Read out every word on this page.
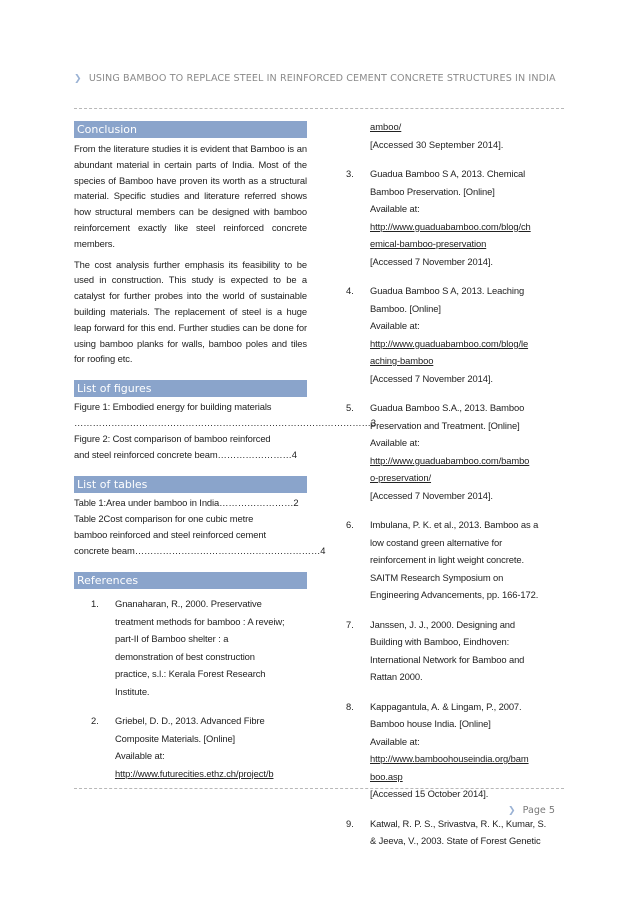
❯ USING BAMBOO TO REPLACE STEEL IN REINFORCED CEMENT CONCRETE STRUCTURES IN INDIA
Conclusion

From the literature studies it is evident that Bamboo is an abundant material in certain parts of India. Most of the species of Bamboo have proven its worth as a structural material. Specific studies and literature referred shows how structural members can be designed with bamboo reinforcement exactly like steel reinforced concrete members.

The cost analysis further emphasis its feasibility to be used in construction. This study is expected to be a catalyst for further probes into the world of sustainable building materials. The replacement of steel is a huge leap forward for this end. Further studies can be done for using bamboo planks for walls, bamboo poles and tiles for roofing etc.

List of figures
Figure 1: Embodied energy for building materials
……………………………………………………………………………………3
Figure 2: Cost comparison of bamboo reinforced
and steel reinforced concrete beam……………………4
List of tables
Table 1:Area under bamboo in India……………………2
Table 2Cost comparison for one cubic metre
bamboo reinforced and steel reinforced cement
concrete beam……………………………………………………4
References
1.	Gnanaharan, R., 2000. Preservative
treatment methods for bamboo : A reveiw;
part-II of Bamboo shelter : a
demonstration of best construction
practice, s.l.: Kerala Forest Research
Institute.
2.	Griebel, D. D., 2013. Advanced Fibre
Composite Materials. [Online]
Available at:
http://www.futurecities.ethz.ch/project/b
amboo/
[Accessed 30 September 2014].
3.	Guadua Bamboo S A, 2013. Chemical
Bamboo Preservation. [Online]
Available at:
http://www.guaduabamboo.com/blog/ch
emical-bamboo-preservation
[Accessed 7 November 2014].
4.	Guadua Bamboo S A, 2013. Leaching
Bamboo. [Online]
Available at:
http://www.guaduabamboo.com/blog/le
aching-bamboo
[Accessed 7 November 2014].
5.	Guadua Bamboo S.A., 2013. Bamboo
Preservation and Treatment. [Online]
Available at:
http://www.guaduabamboo.com/bambo
o-preservation/
[Accessed 7 November 2014].
6.	Imbulana, P. K. et al., 2013. Bamboo as a
low costand green alternative for
reinforcement in light weight concrete.
SAITM Research Symposium on
Engineering Advancements, pp. 166-172.
7.	Janssen, J. J., 2000. Designing and
Building with Bamboo, Eindhoven:
International Network for Bamboo and
Rattan 2000.
8.	Kappagantula, A. & Lingam, P., 2007.
Bamboo house India. [Online]
Available at:
http://www.bamboohouseindia.org/bam
boo.asp
[Accessed 15 October 2014].
9.	Katwal, R. P. S., Srivastva, R. K., Kumar, S.
& Jeeva, V., 2003. State of Forest Genetic
❯ Page 5
